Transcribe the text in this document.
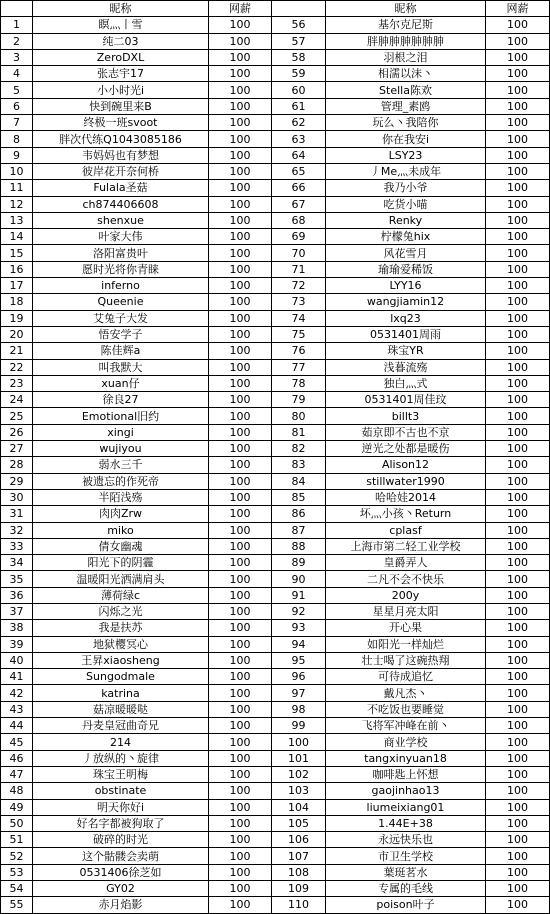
	昵称	网薪		昵称	网薪
1	瞑灬丨雪	100	56	基尔克尼斯	100
2	纯二03	100	57	胖胂胂胂胂胂胂	100
3	ZeroDXL	100	58	羽根之泪	100
4	张志宇17	100	59	相濡以沫丶	100
5	小小时光i	100	60	Stella陈欢	100
6	快到碗里来B	100	61	管理_素鸥	100
7	终极一班svoot	100	62	玩么丶我陪你	100
8	胖次代练Q1043085186	100	63	你在我安i	100
9	韦妈妈也有梦想	100	64	LSY23	100
10	彼岸花开奈何桥	100	65	丿Me灬未成年	100
11	Fulala圣菇	100	66	我乃小爷	100
12	ch874406608	100	67	吃货小喵	100
13	shenxue	100	68	Renky	100
14	叶家大伟	100	69	柠檬兔hix	100
15	洛阳富贵叶	100	70	风花雪月	100
16	愿时光将你青睐	100	71	瑜瑜爱稀饭	100
17	inferno	100	72	LYY16	100
18	Queenie	100	73	wangjiamin12	100
19	艾兔子大发	100	74	lxq23	100
20	悟安学子	100	75	0531401周雨	100
21	陈佳辉a	100	76	珠宝YR	100
22	叫我默大	100	77	浅暮流殇	100
23	xuan仔	100	78	独白灬式	100
24	徐良27	100	79	0531401周佳玟	100
25	Emotional旧约	100	80	billt3	100
26	xingi	100	81	茹京即不古也不京	100
27	wujiyou	100	82	逆光之处都是暖伤	100
28	弱水三千	100	83	Alison12	100
29	被遗忘的作死帝	100	84	stillwater1990	100
30	半陌浅殇	100	85	哈哈娃2014	100
31	肉肉Zrw	100	86	坏灬小孩丶Return	100
32	miko	100	87	cplasf	100
33	倩女幽魂	100	88	上海市第二轻工业学校	100
34	阳光下的阴霾	100	89	皇爵弄人	100
35	温暖阳光洒满肩头	100	90	二凡不会不快乐	100
36	薄荷绿c	100	91	200y	100
37	闪烁之光	100	92	星星月亮太阳	100
38	我是扶苏	100	93	开心果	100
39	地狱樱冥心	100	94	如阳光一样灿烂	100
40	王昇xiaosheng	100	95	壮士喝了这碗热翔	100
41	Sungodmale	100	96	可待成追忆	100
42	katrina	100	97	戴凡杰丶	100
43	菇凉暖暖哒	100	98	不吃饭也要睡觉	100
44	丹麦皇冠曲奇兄	100	99	飞将军冲峰在前丶	100
45	214	100	100	商业学校	100
46	丿放纵的丶旋律	100	101	tangxinyuan18	100
47	珠宝王明梅	100	102	咖啡匙上怀想	100
48	obstinate	100	103	gaojinhao13	100
49	明天你好i	100	104	liumeixiang01	100
50	好名字都被狗取了	100	105	1.44E+38	100
51	破碎的时光	100	106	永远快乐也	100
52	这个骷髅会卖萌	100	107	市卫生学校	100
53	0531406徐芝如	100	108	葉珽茗水	100
54	GY02	100	109	专属的毛线	100
55	赤月焰影	100	110	poison叶子	100
